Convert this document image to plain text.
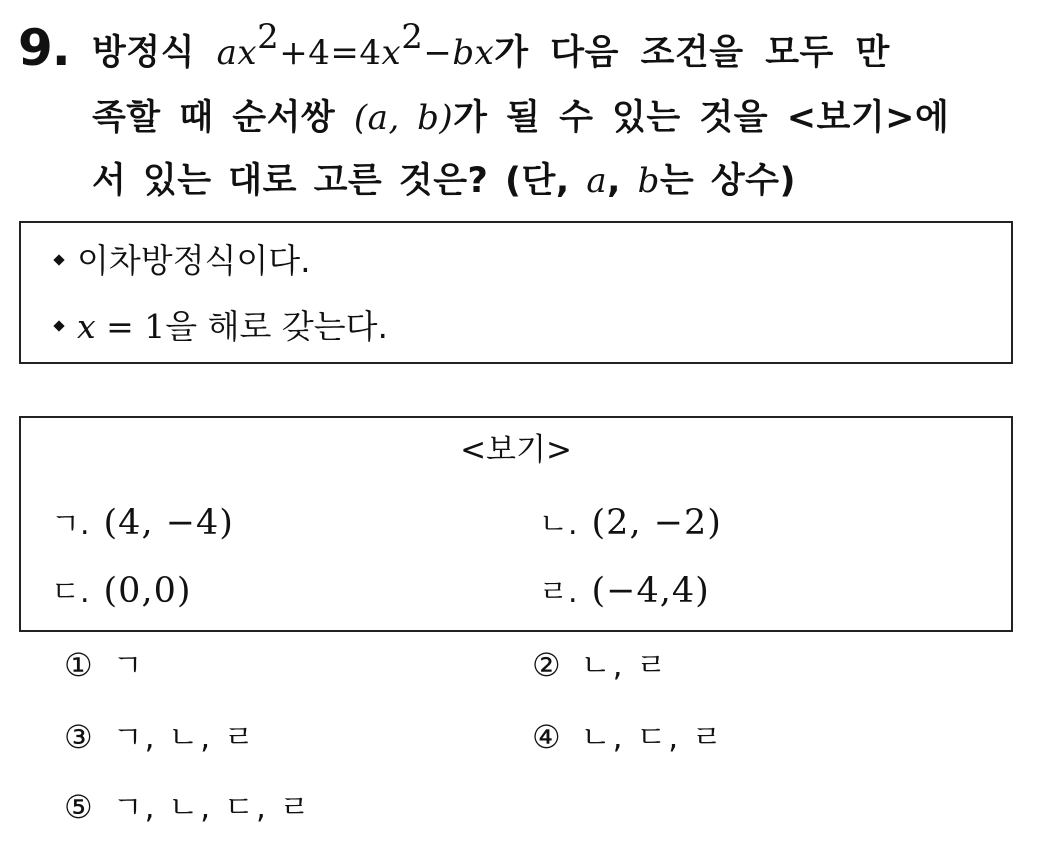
9. 방정식 $ax^2+4=4x^2-bx$가 다음 조건을 모두 만
족할 때 순서쌍 (a, b)가 될 수 있는 것을 <보기>에
서 있는 대로 고른 것은? (단, a, b는 상수)
이차방정식이다.
x = 1을 해로 갖는다.
<보기>
ㄱ. (4, −4)	ㄴ. (2, −2)
ㄷ. (0,0)	ㄹ. (−4,4)
① ㄱ	② ㄴ, ㄹ
③ ㄱ, ㄴ, ㄹ	④ ㄴ, ㄷ, ㄹ
⑤ ㄱ, ㄴ, ㄷ, ㄹ
